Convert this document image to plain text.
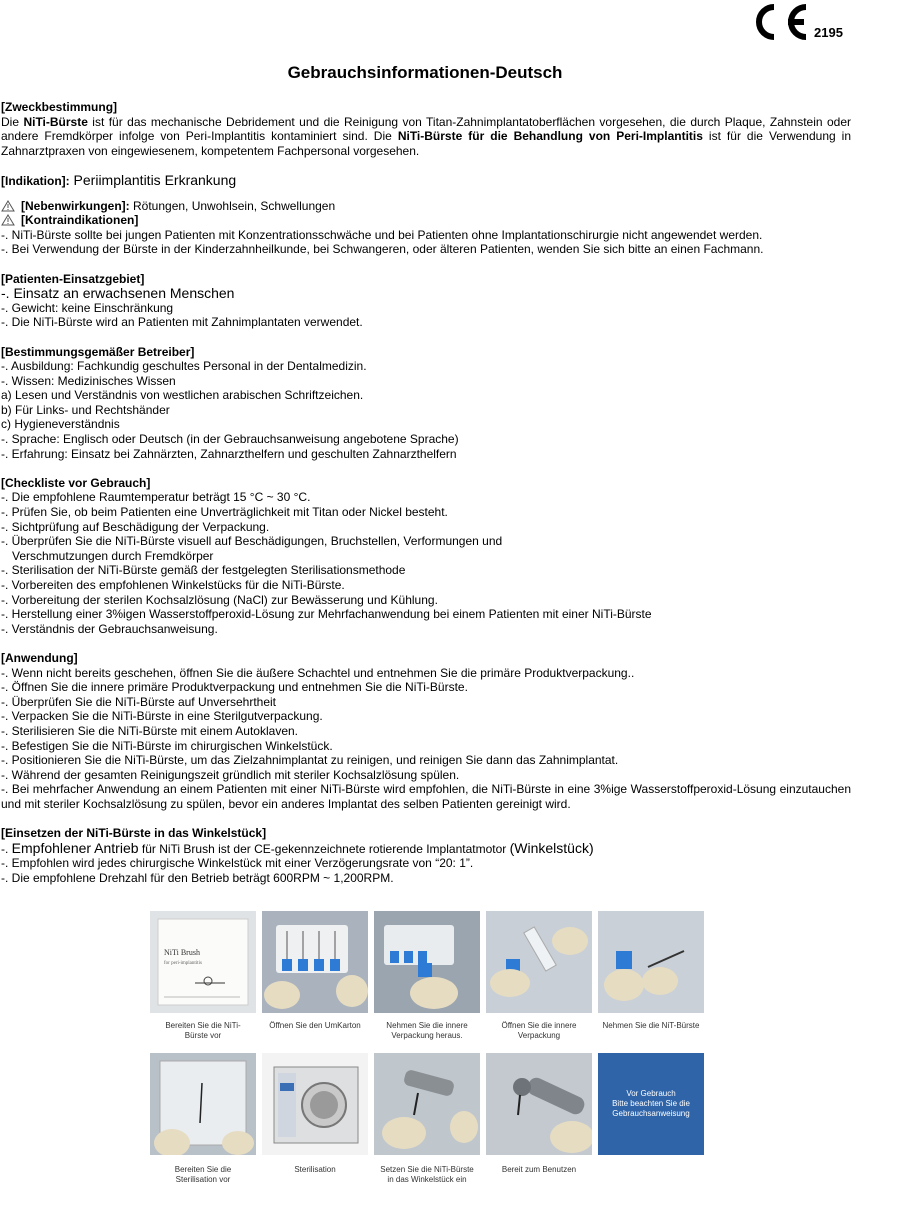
2195
Gebrauchsinformationen-Deutsch
[Zweckbestimmung]
Die NiTi-Bürste ist für das mechanische Debridement und die Reinigung von Titan-Zahnimplantatoberflächen vorgesehen, die durch Plaque, Zahnstein oder andere Fremdkörper infolge von Peri-Implantitis kontaminiert sind. Die NiTi-Bürste für die Behandlung von Peri-Implantitis ist für die Verwendung in Zahnarztpraxen von eingewiesenem, kompetentem Fachpersonal vorgesehen.
[Indikation]: Periimplantitis Erkrankung
[Nebenwirkungen]: Rötungen, Unwohlsein, Schwellungen
[Kontraindikationen]
-. NiTi-Bürste sollte bei jungen Patienten mit Konzentrationsschwäche und bei Patienten ohne Implantationschirurgie nicht angewendet werden.
-. Bei Verwendung der Bürste in der Kinderzahnheilkunde, bei Schwangeren, oder älteren Patienten, wenden Sie sich bitte an einen Fachmann.
[Patienten-Einsatzgebiet]
-. Einsatz an erwachsenen Menschen
-. Gewicht: keine Einschränkung
-. Die NiTi-Bürste wird an Patienten mit Zahnimplantaten verwendet.
[Bestimmungsgemäßer Betreiber]
-. Ausbildung: Fachkundig geschultes Personal in der Dentalmedizin.
-. Wissen: Medizinisches Wissen
a) Lesen und Verständnis von westlichen arabischen Schriftzeichen.
b) Für Links- und Rechtshänder
c) Hygieneverständnis
-. Sprache: Englisch oder Deutsch (in der Gebrauchsanweisung angebotene Sprache)
-. Erfahrung: Einsatz bei Zahnärzten, Zahnarzthelfern und geschulten Zahnarzthelfern
[Checkliste vor Gebrauch]
-. Die empfohlene Raumtemperatur beträgt 15 °C ~ 30 °C.
-. Prüfen Sie, ob beim Patienten eine Unverträglichkeit mit Titan oder Nickel besteht.
-. Sichtprüfung auf Beschädigung der Verpackung.
-. Überprüfen Sie die NiTi-Bürste visuell auf Beschädigungen, Bruchstellen, Verformungen und
Verschmutzungen durch Fremdkörper
-. Sterilisation der NiTi-Bürste gemäß der festgelegten Sterilisationsmethode
-. Vorbereiten des empfohlenen Winkelstücks für die NiTi-Bürste.
-. Vorbereitung der sterilen Kochsalzlösung (NaCl) zur Bewässerung und Kühlung.
-. Herstellung einer 3%igen Wasserstoffperoxid-Lösung zur Mehrfachanwendung bei einem Patienten mit einer NiTi-Bürste
-. Verständnis der Gebrauchsanweisung.
[Anwendung]
-. Wenn nicht bereits geschehen, öffnen Sie die äußere Schachtel und entnehmen Sie die primäre Produktverpackung..
-. Öffnen Sie die innere primäre Produktverpackung und entnehmen Sie die NiTi-Bürste.
-. Überprüfen Sie die NiTi-Bürste auf Unversehrtheit
-. Verpacken Sie die NiTi-Bürste in eine Sterilgutverpackung.
-. Sterilisieren Sie die NiTi-Bürste mit einem Autoklaven.
-. Befestigen Sie die NiTi-Bürste im chirurgischen Winkelstück.
-. Positionieren Sie die NiTi-Bürste, um das Zielzahnimplantat zu reinigen, und reinigen Sie dann das Zahnimplantat.
-. Während der gesamten Reinigungszeit gründlich mit steriler Kochsalzlösung spülen.
-. Bei mehrfacher Anwendung an einem Patienten mit einer NiTi-Bürste wird empfohlen, die NiTi-Bürste in eine 3%ige Wasserstoffperoxid-Lösung einzutauchen und mit steriler Kochsalzlösung zu spülen, bevor ein anderes Implantat des selben Patienten gereinigt wird.
[Einsetzen der NiTi-Bürste in das Winkelstück]
-. Empfohlener Antrieb für NiTi Brush ist der CE-gekennzeichnete rotierende Implantatmotor (Winkelstück)
-. Empfohlen wird jedes chirurgische Winkelstück mit einer Verzögerungsrate von “20: 1”.
-. Die empfohlene Drehzahl für den Betrieb beträgt 600RPM ~ 1,200RPM.
NiTi Brush
for peri-implantitis
Bereiten Sie die NiTi-
Bürste vor
Öffnen Sie den UmKarton	Nehmen Sie die innere
Verpackung heraus.
Öffnen Sie die innere
Verpackung
Nehmen Sie die NiT-Bürste
Vor Gebrauch
Bitte beachten Sie die
Gebrauchsanweisung
Bereiten Sie die
Sterilisation vor
Sterilisation	Setzen Sie die NiTi-Bürste
in das Winkelstück ein
Bereit zum Benutzen
